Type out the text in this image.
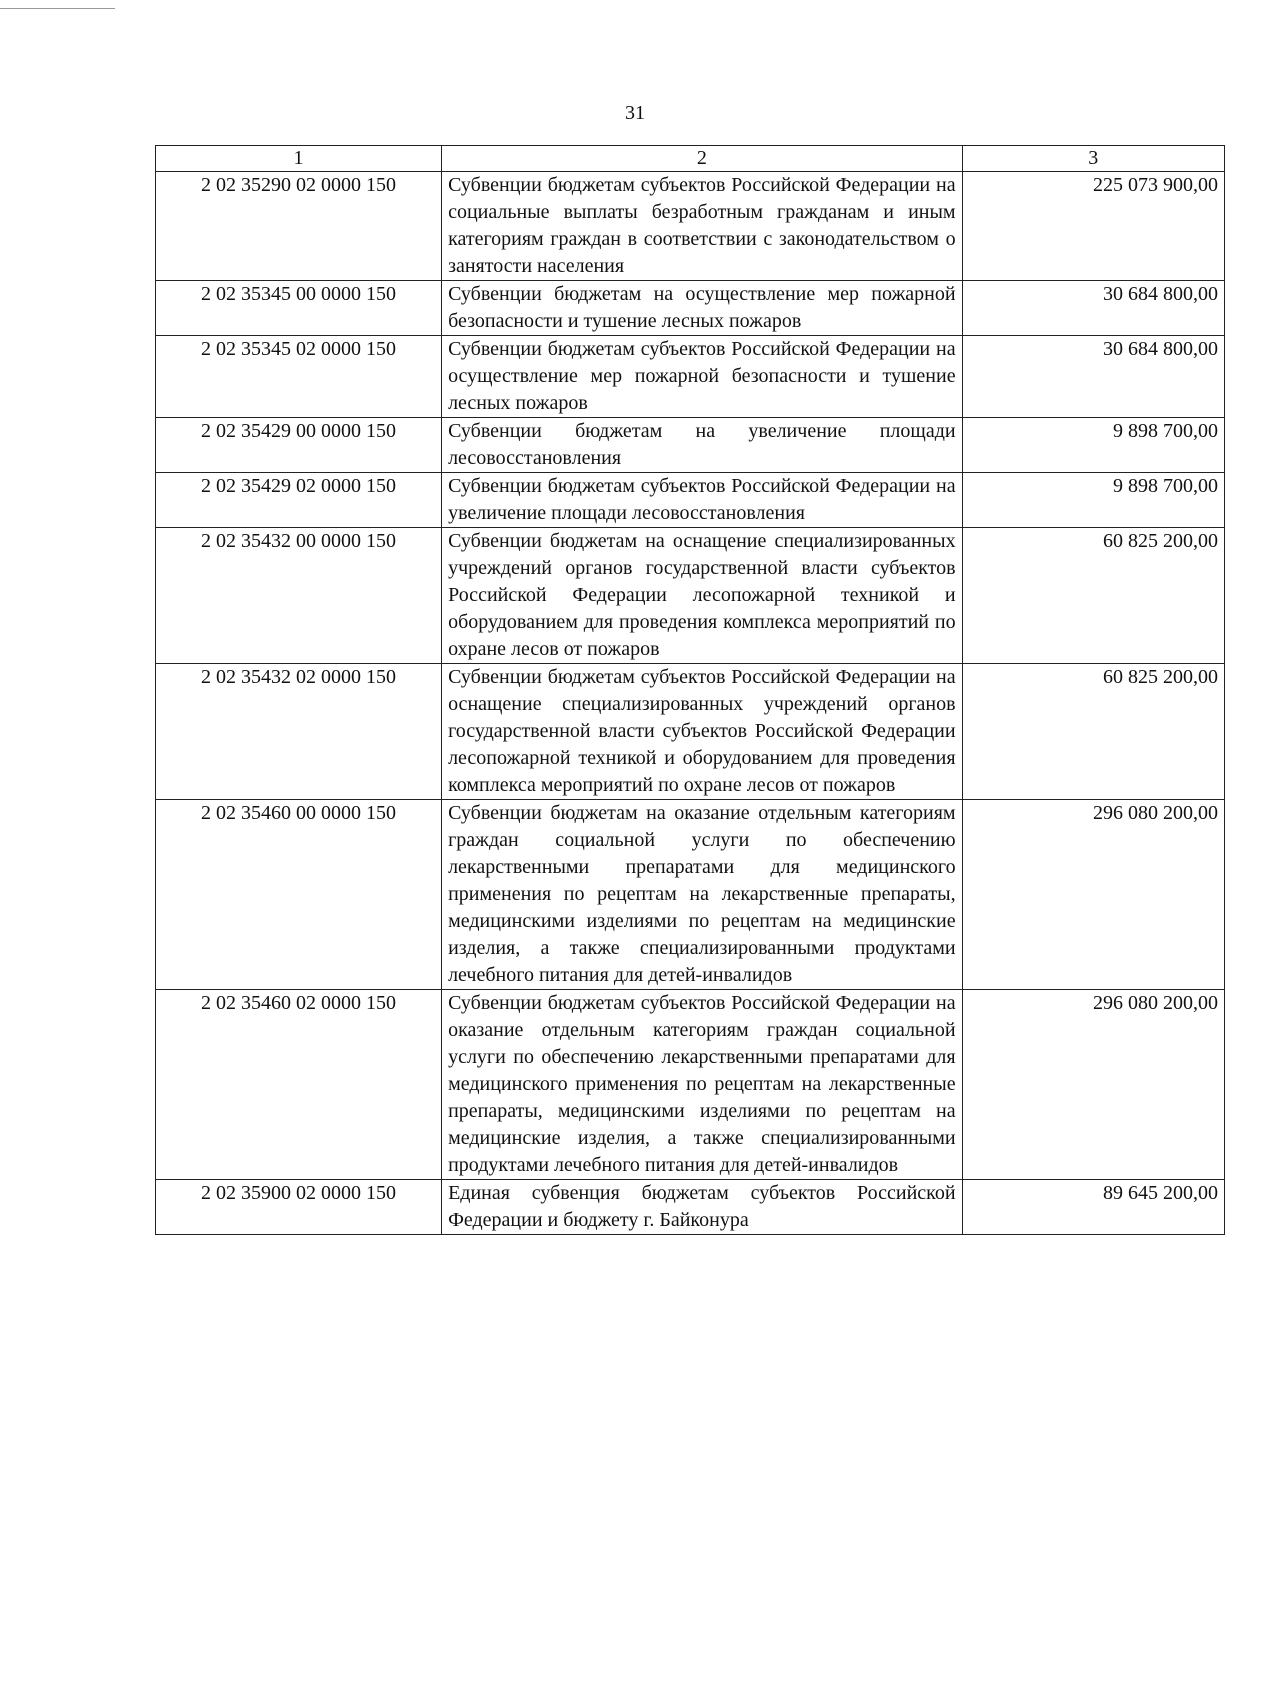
31
1	2	3
2 02 35290 02 0000 150	Субвенции бюджетам субъектов Российской Федерации на социальные выплаты безработным гражданам и иным категориям граждан в соответствии с законодательством о занятости населения	225 073 900,00
2 02 35345 00 0000 150	Субвенции бюджетам на осуществление мер пожарной безопасности и тушение лесных пожаров	30 684 800,00
2 02 35345 02 0000 150	Субвенции бюджетам субъектов Российской Федерации на осуществление мер пожарной безопасности и тушение лесных пожаров	30 684 800,00
2 02 35429 00 0000 150	Субвенции бюджетам на увеличение площади лесовосстановления	9 898 700,00
2 02 35429 02 0000 150	Субвенции бюджетам субъектов Российской Федерации на увеличение площади лесовосстановления	9 898 700,00
2 02 35432 00 0000 150	Субвенции бюджетам на оснащение специализированных учреждений органов государственной власти субъектов Российской Федерации лесопожарной техникой и оборудованием для проведения комплекса мероприятий по охране лесов от пожаров	60 825 200,00
2 02 35432 02 0000 150	Субвенции бюджетам субъектов Российской Федерации на оснащение специализированных учреждений органов государственной власти субъектов Российской Федерации лесопожарной техникой и оборудованием для проведения комплекса мероприятий по охране лесов от пожаров	60 825 200,00
2 02 35460 00 0000 150	Субвенции бюджетам на оказание отдельным категориям граждан социальной услуги по обеспечению лекарственными препаратами для медицинского применения по рецептам на лекарственные препараты, медицинскими изделиями по рецептам на медицинские изделия, а также специализированными продуктами лечебного питания для детей-инвалидов	296 080 200,00
2 02 35460 02 0000 150	Субвенции бюджетам субъектов Российской Федерации на оказание отдельным категориям граждан социальной услуги по обеспечению лекарственными препаратами для медицинского применения по рецептам на лекарственные препараты, медицинскими изделиями по рецептам на медицинские изделия, а также специализированными продуктами лечебного питания для детей-инвалидов	296 080 200,00
2 02 35900 02 0000 150	Единая субвенция бюджетам субъектов Российской Федерации и бюджету г. Байконура	89 645 200,00
